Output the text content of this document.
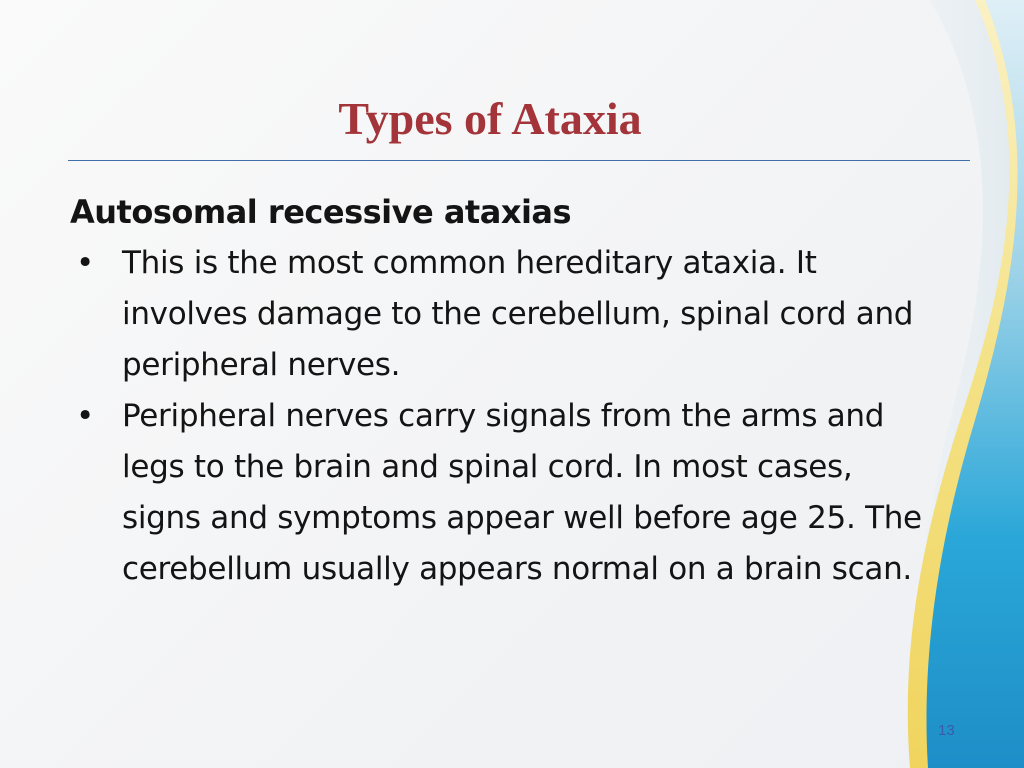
Types of Ataxia
Autosomal recessive ataxias
• This is the most common hereditary ataxia. It involves damage to the cerebellum, spinal cord and peripheral nerves.
• Peripheral nerves carry signals from the arms and legs to the brain and spinal cord. In most cases, signs and symptoms appear well before age 25. The cerebellum usually appears normal on a brain scan.
13
